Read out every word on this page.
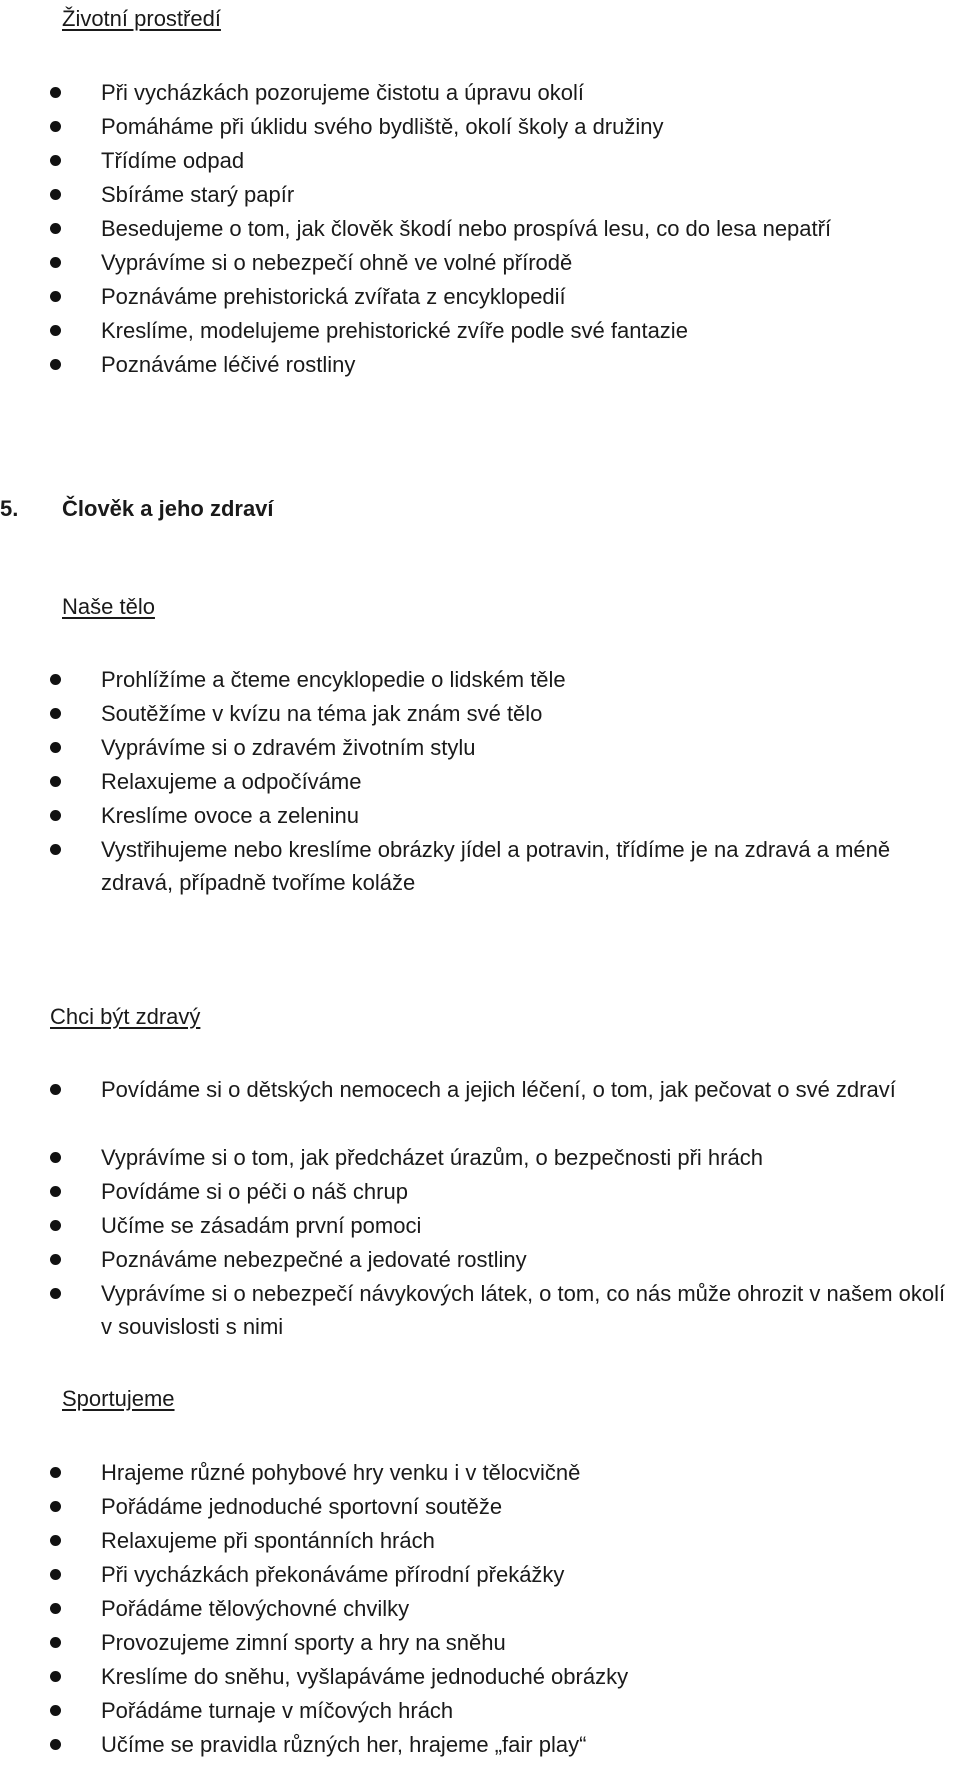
Životní prostředí
Při vycházkách pozorujeme čistotu a úpravu okolí
Pomáháme při úklidu svého bydliště, okolí školy a družiny
Třídíme odpad
Sbíráme starý papír
Besedujeme o tom, jak člověk škodí nebo prospívá lesu, co do lesa nepatří
Vyprávíme si o nebezpečí ohně ve volné přírodě
Poznáváme prehistorická zvířata z encyklopedií
Kreslíme, modelujeme prehistorické zvíře podle své fantazie
Poznáváme léčivé rostliny
5. Člověk a jeho zdraví
Naše tělo
Prohlížíme a čteme encyklopedie o lidském těle
Soutěžíme v kvízu na téma jak znám své tělo
Vyprávíme si o zdravém životním stylu
Relaxujeme a odpočíváme
Kreslíme ovoce a zeleninu
Vystřihujeme nebo kreslíme obrázky jídel a potravin, třídíme je na zdravá a méně zdravá, případně tvoříme koláže
Chci být zdravý
Povídáme si o dětských nemocech a jejich léčení, o tom, jak pečovat o své zdraví
Vyprávíme si o tom, jak předcházet úrazům, o bezpečnosti při hrách
Povídáme si o péči o náš chrup
Učíme se zásadám první pomoci
Poznáváme nebezpečné a jedovaté rostliny
Vyprávíme si o nebezpečí návykových látek, o tom, co nás může ohrozit v našem okolí v souvislosti s nimi
Sportujeme
Hrajeme různé pohybové hry venku i v tělocvičně
Pořádáme jednoduché sportovní soutěže
Relaxujeme při spontánních hrách
Při vycházkách překonáváme přírodní překážky
Pořádáme tělovýchovné chvilky
Provozujeme zimní sporty a hry na sněhu
Kreslíme do sněhu, vyšlapáváme jednoduché obrázky
Pořádáme turnaje v míčových hrách
Učíme se pravidla různých her, hrajeme „fair play“
